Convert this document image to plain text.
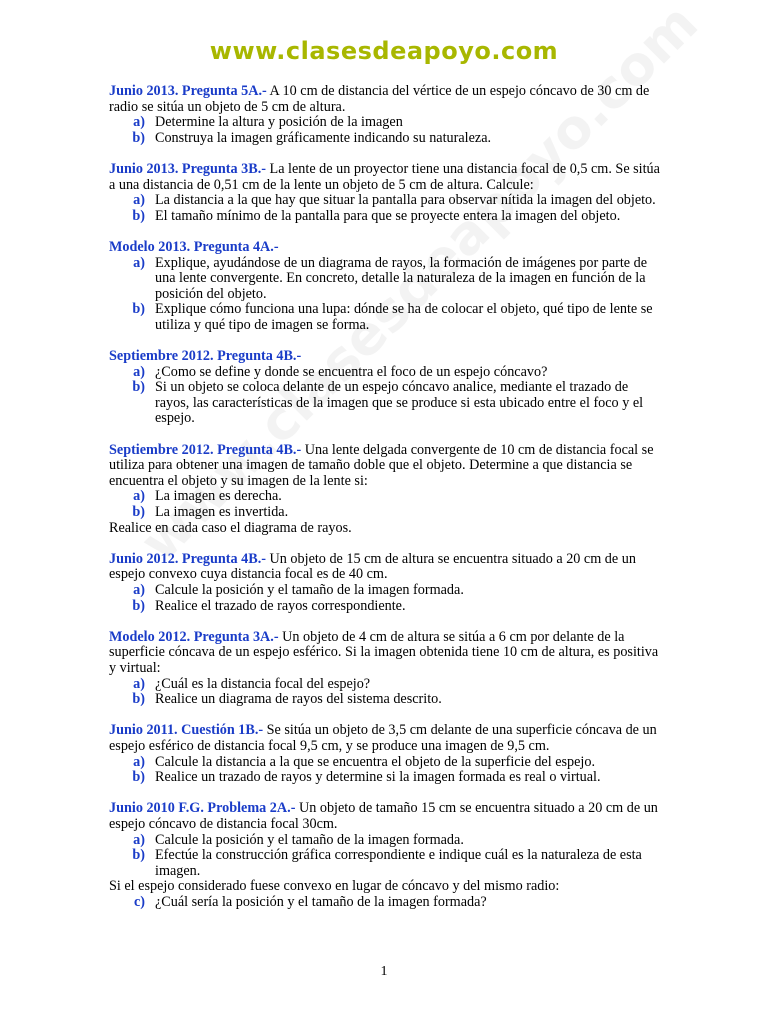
www.clasesdeapoyo.com

Junio 2013. Pregunta 5A.- A 10 cm de distancia del vértice de un espejo cóncavo de 30 cm de radio se sitúa un objeto de 5 cm de altura.

a) Determine la altura y posición de la imagen
b) Construya la imagen gráficamente indicando su naturaleza.

Junio 2013. Pregunta 3B.- La lente de un proyector tiene una distancia focal de 0,5 cm. Se sitúa a una distancia de 0,51 cm de la lente un objeto de 5 cm de altura. Calcule:

a) La distancia a la que hay que situar la pantalla para observar nítida la imagen del objeto.
b) El tamaño mínimo de la pantalla para que se proyecte entera la imagen del objeto.

Modelo 2013. Pregunta 4A.-

a) Explique, ayudándose de un diagrama de rayos, la formación de imágenes por parte de una lente convergente. En concreto, detalle la naturaleza de la imagen en función de la posición del objeto.
b) Explique cómo funciona una lupa: dónde se ha de colocar el objeto, qué tipo de lente se utiliza y qué tipo de imagen se forma.

Septiembre 2012. Pregunta 4B.-

a) ¿Como se define y donde se encuentra el foco de un espejo cóncavo?
b) Si un objeto se coloca delante de un espejo cóncavo analice, mediante el trazado de rayos, las características de la imagen que se produce si esta ubicado entre el foco y el espejo.

Septiembre 2012. Pregunta 4B.- Una lente delgada convergente de 10 cm de distancia focal se utiliza para obtener una imagen de tamaño doble que el objeto. Determine a que distancia se encuentra el objeto y su imagen de la lente si:

a) La imagen es derecha.
b) La imagen es invertida.

Realice en cada caso el diagrama de rayos.

Junio 2012. Pregunta 4B.- Un objeto de 15 cm de altura se encuentra situado a 20 cm de un espejo convexo cuya distancia focal es de 40 cm.

a) Calcule la posición y el tamaño de la imagen formada.
b) Realice el trazado de rayos correspondiente.

Modelo 2012. Pregunta 3A.- Un objeto de 4 cm de altura se sitúa a 6 cm por delante de la superficie cóncava de un espejo esférico. Si la imagen obtenida tiene 10 cm de altura, es positiva y virtual:

a) ¿Cuál es la distancia focal del espejo?
b) Realice un diagrama de rayos del sistema descrito.

Junio 2011. Cuestión 1B.- Se sitúa un objeto de 3,5 cm delante de una superficie cóncava de un espejo esférico de distancia focal 9,5 cm, y se produce una imagen de 9,5 cm.

a) Calcule la distancia a la que se encuentra el objeto de la superficie del espejo.
b) Realice un trazado de rayos y determine si la imagen formada es real o virtual.

Junio 2010 F.G. Problema 2A.- Un objeto de tamaño 15 cm se encuentra situado a 20 cm de un espejo cóncavo de distancia focal 30cm.

a) Calcule la posición y el tamaño de la imagen formada.
b) Efectúe la construcción gráfica correspondiente e indique cuál es la naturaleza de esta imagen.

Si el espejo considerado fuese convexo en lugar de cóncavo y del mismo radio:

c) ¿Cuál sería la posición y el tamaño de la imagen formada?
1
